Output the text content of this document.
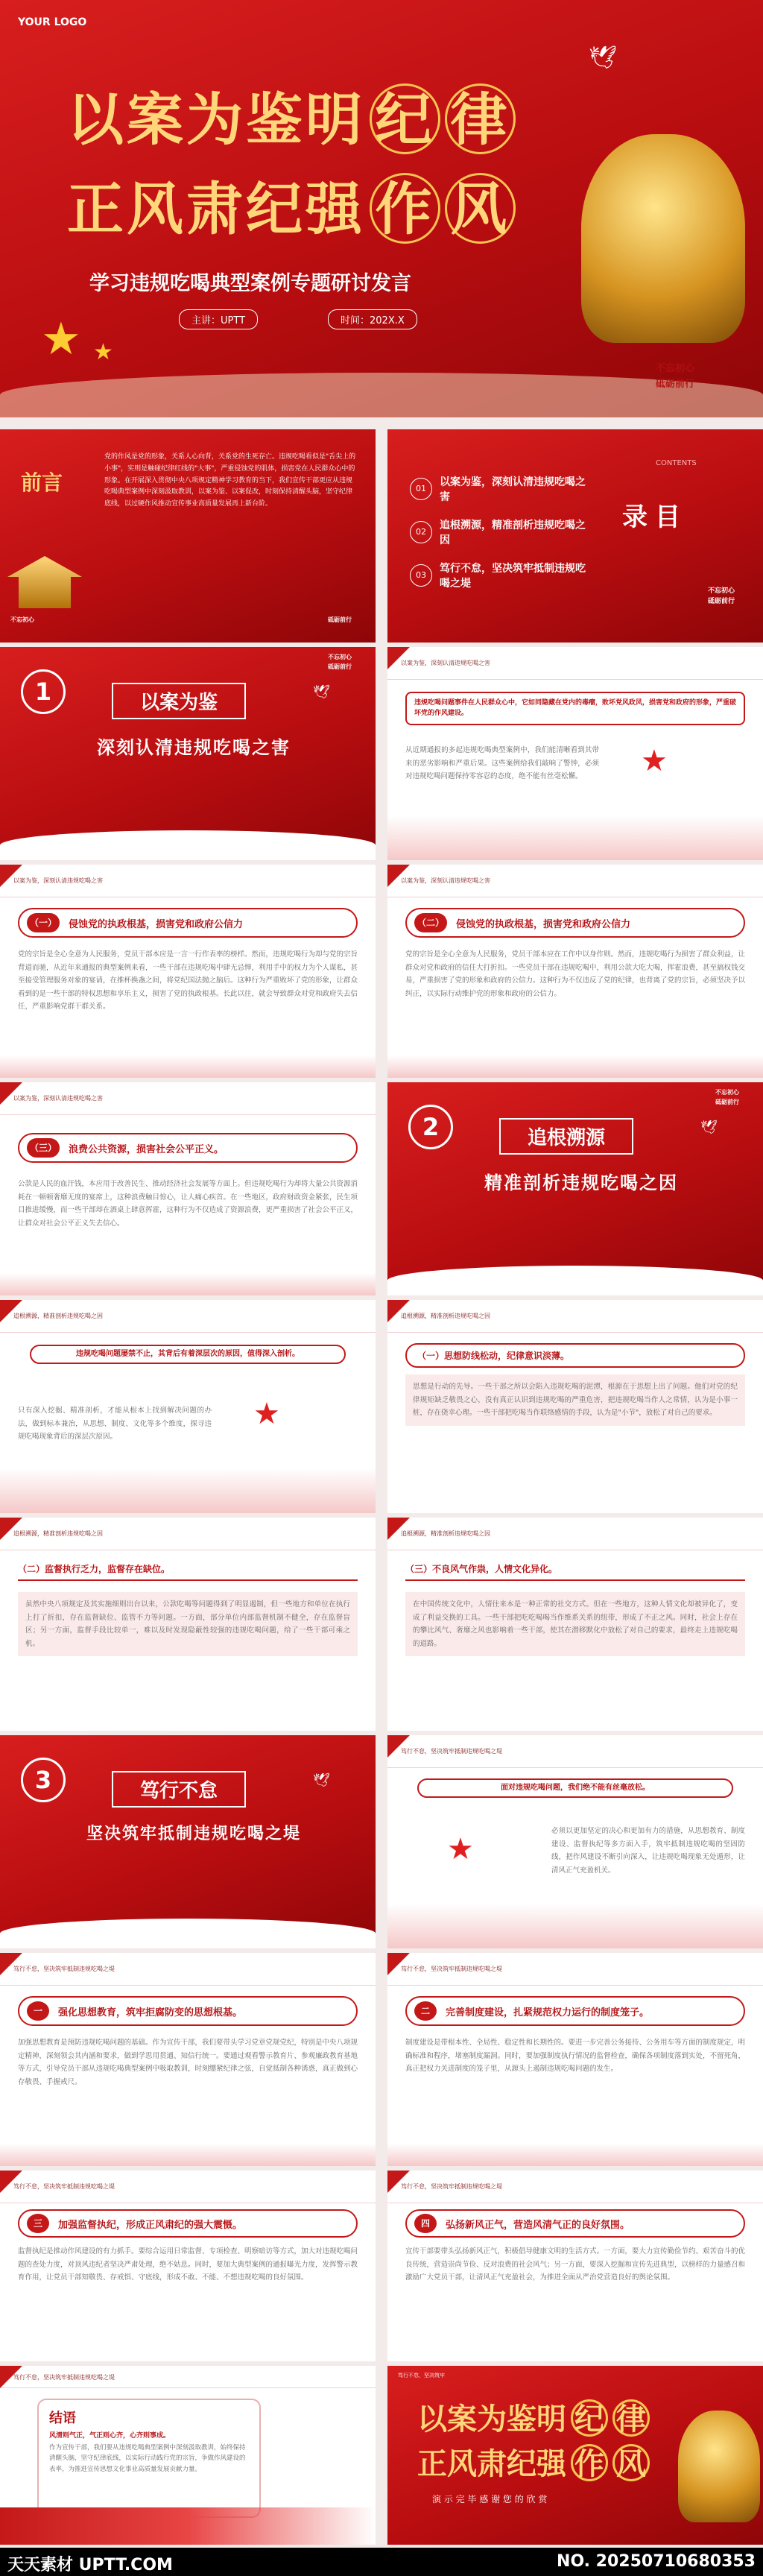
YOUR LOGO
🕊
以案为鉴明 纪 律
正风肃纪强 作 风
学习违规吃喝典型案例专题研讨发言
主讲：UPTT	时间：202X.X
★ ★
不忘初心
砥砺前行
前言
党的作风是党的形象，关系人心向背，关系党的生死存亡。违规吃喝看似是"舌尖上的小事"，实则是触碰纪律红线的"大事"，严重侵蚀党的肌体，损害党在人民群众心中的形象。在开展深入贯彻中央八项规定精神学习教育的当下，我们宣传干部更应从违规吃喝典型案例中深刻汲取教训，以案为鉴、以案促改，时刻保持清醒头脑，坚守纪律底线，以过硬作风推动宣传事业高质量发展再上新台阶。
不忘初心	砥砺前行
01
以案为鉴，深刻认清违规吃喝之害
02
追根溯源，精准剖析违规吃喝之因
03
笃行不怠，坚决筑牢抵制违规吃喝之堤
录目
CONTENTS
不忘初心
砥砺前行
1	以案为鉴
深刻认清违规吃喝之害
🕊
不忘初心
砥砺前行
以案为鉴，深刻认清违规吃喝之害
违规吃喝问题事件在人民群众心中，它如同隐藏在党内的毒瘤，败坏党风政风，损害党和政府的形象，严重破坏党的作风建设。
从近期通报的多起违规吃喝典型案例中，我们能清晰看到其带来的恶劣影响和严重后果。这些案例给我们敲响了警钟，必须对违规吃喝问题保持零容忍的态度，绝不能有丝毫松懈。	★
以案为鉴，深刻认清违规吃喝之害
（一）	侵蚀党的执政根基，损害党和政府公信力
党的宗旨是全心全意为人民服务，党员干部本应是一言一行作表率的榜样。然而，违规吃喝行为却与党的宗旨背道而驰，从近年来通报的典型案例来看，一些干部在违规吃喝中肆无忌惮，利用手中的权力为个人谋私，甚至接受管理服务对象的宴请，在推杯换盏之间，将党纪国法抛之脑后。这种行为严重败坏了党的形象，让群众看到的是一些干部的特权思想和享乐主义，损害了党的执政根基。长此以往，就会导致群众对党和政府失去信任，严重影响党群干群关系。
以案为鉴，深刻认清违规吃喝之害
（二）	侵蚀党的执政根基，损害党和政府公信力
党的宗旨是全心全意为人民服务，党员干部本应在工作中以身作则。然而，违规吃喝行为损害了群众利益，让群众对党和政府的信任大打折扣。一些党员干部在违规吃喝中，利用公款大吃大喝，挥霍浪费，甚至搞权钱交易，严重损害了党的形象和政府的公信力。这种行为不仅违反了党的纪律，也背离了党的宗旨，必须坚决予以纠正，以实际行动维护党的形象和政府的公信力。
以案为鉴，深刻认清违规吃喝之害
（三）	浪费公共资源，损害社会公平正义。
公款是人民的血汗钱，本应用于改善民生、推动经济社会发展等方面上。但违规吃喝行为却将大量公共资源消耗在一顿顿奢靡无度的宴席上，这种浪费触目惊心，让人痛心疾首。在一些地区，政府财政资金紧张，民生项目推进缓慢，而一些干部却在酒桌上肆意挥霍，这种行为不仅造成了资源浪费，更严重损害了社会公平正义，让群众对社会公平正义失去信心。
2	追根溯源
精准剖析违规吃喝之因
🕊
不忘初心
砥砺前行
追根溯源，精准剖析违规吃喝之因
违规吃喝问题屡禁不止，其背后有着深层次的原因，值得深入剖析。
只有深入挖掘、精准剖析，才能从根本上找到解决问题的办法，做到标本兼治，从思想、制度、文化等多个维度，探寻违规吃喝现象背后的深层次原因。
★
追根溯源，精准剖析违规吃喝之因
（一）思想防线松动，纪律意识淡薄。
思想是行动的先导。一些干部之所以会陷入违规吃喝的泥潭，根源在于思想上出了问题。他们对党的纪律规矩缺乏敬畏之心，没有真正认识到违规吃喝的严重危害，把违规吃喝当作人之常情，认为是小事一桩，存在侥幸心理。一些干部把吃喝当作联络感情的手段，认为是"小节"，放松了对自己的要求。
追根溯源，精准剖析违规吃喝之因
（二）监督执行乏力，监督存在缺位。
虽然中央八项规定及其实施细则出台以来，公款吃喝等问题得到了明显遏制，但一些地方和单位在执行上打了折扣，存在监督缺位、监管不力等问题。一方面，部分单位内部监督机制不健全，存在监督盲区；另一方面，监督手段比较单一，难以及时发现隐蔽性较强的违规吃喝问题，给了一些干部可乘之机。
追根溯源，精准剖析违规吃喝之因
（三）不良风气作祟，人情文化异化。
在中国传统文化中，人情往来本是一种正常的社交方式。但在一些地方，这种人情文化却被异化了，变成了利益交换的工具。一些干部把吃吃喝喝当作维系关系的纽带，形成了不正之风。同时，社会上存在的攀比风气、奢靡之风也影响着一些干部，使其在潜移默化中放松了对自己的要求，最终走上违规吃喝的道路。
3	笃行不怠
坚决筑牢抵制违规吃喝之堤
🕊
笃行不怠，坚决筑牢抵制违规吃喝之堤
面对违规吃喝问题，我们绝不能有丝毫放松。
★
必须以更加坚定的决心和更加有力的措施，从思想教育、制度建设、监督执纪等多方面入手，筑牢抵制违规吃喝的坚固防线，把作风建设不断引向深入，让违规吃喝现象无处遁形，让清风正气充盈机关。
笃行不怠，坚决筑牢抵制违规吃喝之堤
一	强化思想教育，筑牢拒腐防变的思想根基。
加强思想教育是预防违规吃喝问题的基础。作为宣传干部，我们要带头学习党章党规党纪，特别是中央八项规定精神，深刻领会其内涵和要求，做到学思用贯通、知信行统一。要通过观看警示教育片、参观廉政教育基地等方式，引导党员干部从违规吃喝典型案例中吸取教训，时刻绷紧纪律之弦，自觉抵制各种诱惑，真正做到心存敬畏、手握戒尺。
笃行不怠，坚决筑牢抵制违规吃喝之堤
二	完善制度建设，扎紧规范权力运行的制度笼子。
制度建设是带根本性、全局性、稳定性和长期性的。要进一步完善公务接待、公务用车等方面的制度规定，明确标准和程序，堵塞制度漏洞。同时，要加强制度执行情况的监督检查，确保各项制度落到实处，不留死角，真正把权力关进制度的笼子里，从源头上遏制违规吃喝问题的发生。
笃行不怠，坚决筑牢抵制违规吃喝之堤
三	加强监督执纪，形成正风肃纪的强大震慑。
监督执纪是推动作风建设的有力抓手。要综合运用日常监督、专项检查、明察暗访等方式，加大对违规吃喝问题的查处力度，对顶风违纪者坚决严肃处理，绝不姑息。同时，要加大典型案例的通报曝光力度，发挥警示教育作用，让党员干部知敬畏、存戒惧、守底线，形成不敢、不能、不想违规吃喝的良好氛围。
笃行不怠，坚决筑牢抵制违规吃喝之堤
四	弘扬新风正气，营造风清气正的良好氛围。
宣传干部要带头弘扬新风正气，积极倡导健康文明的生活方式。一方面，要大力宣传勤俭节约、艰苦奋斗的优良传统，营造崇尚节俭、反对浪费的社会风气；另一方面，要深入挖掘和宣传先进典型，以榜样的力量感召和激励广大党员干部，让清风正气充盈社会，为推进全面从严治党营造良好的舆论氛围。
笃行不怠，坚决筑牢抵制违规吃喝之堤
结语
风清则气正，气正则心齐，心齐则事成。
作为宣传干部，我们要从违规吃喝典型案例中深刻汲取教训，始终保持清醒头脑，坚守纪律底线，以实际行动践行党的宗旨，争做作风建设的表率，为推进宣传思想文化事业高质量发展贡献力量。
笃行不怠，坚决筑牢
以案为鉴明 纪 律
正风肃纪强 作 风
演 示 完 毕 感 谢 您 的 欣 赏
天天素材 UPTT.COM	NO. 20250710680353
